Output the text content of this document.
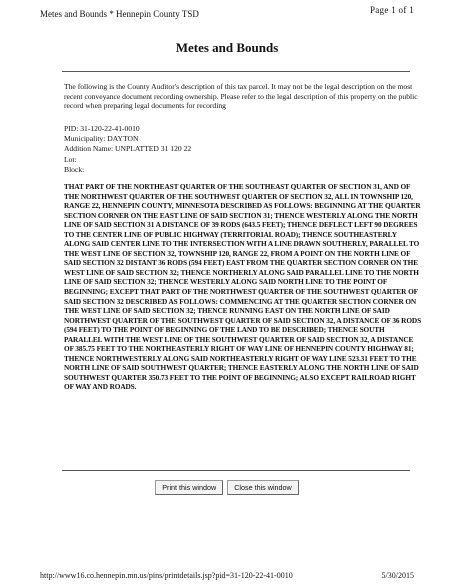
Metes and Bounds * Hennepin County TSD	Page 1 of 1
Metes and Bounds
The following is the County Auditor's description of this tax parcel. It may not be the legal description on the most recent conveyance document recording ownership. Please refer to the legal description of this property on the public record when preparing legal documents for recording
PID: 31-120-22-41-0010
Municipality: DAYTON
Addition Name: UNPLATTED 31 120 22
Lot:
Block:
THAT PART OF THE NORTHEAST QUARTER OF THE SOUTHEAST QUARTER OF SECTION 31, AND OF THE NORTHWEST QUARTER OF THE SOUTHWEST QUARTER OF SECTION 32, ALL IN TOWNSHIP 120, RANGE 22, HENNEPIN COUNTY, MINNESOTA DESCRIBED AS FOLLOWS: BEGINNING AT THE QUARTER SECTION CORNER ON THE EAST LINE OF SAID SECTION 31; THENCE WESTERLY ALONG THE NORTH LINE OF SAID SECTION 31 A DISTANCE OF 39 RODS (643.5 FEET); THENCE DEFLECT LEFT 90 DEGREES TO THE CENTER LINE OF PUBLIC HIGHWAY (TERRITORIAL ROAD); THENCE SOUTHEASTERLY ALONG SAID CENTER LINE TO THE INTERSECTION WITH A LINE DRAWN SOUTHERLY, PARALLEL TO THE WEST LINE OF SECTION 32, TOWNSHIP 120, RANGE 22, FROM A POINT ON THE NORTH LINE OF SAID SECTION 32 DISTANT 36 RODS (594 FEET) EAST FROM THE QUARTER SECTION CORNER ON THE WEST LINE OF SAID SECTION 32; THENCE NORTHERLY ALONG SAID PARALLEL LINE TO THE NORTH LINE OF SAID SECTION 32; THENCE WESTERLY ALONG SAID NORTH LINE TO THE POINT OF BEGINNING; EXCEPT THAT PART OF THE NORTHWEST QUARTER OF THE SOUTHWEST QUARTER OF SAID SECTION 32 DESCRIBED AS FOLLOWS: COMMENCING AT THE QUARTER SECTION CORNER ON THE WEST LINE OF SAID SECTION 32; THENCE RUNNING EAST ON THE NORTH LINE OF SAID NORTHWEST QUARTER OF THE SOUTHWEST QUARTER OF SAID SECTION 32, A DISTANCE OF 36 RODS (594 FEET) TO THE POINT OF BEGINNING OF THE LAND TO BE DESCRIBED; THENCE SOUTH PARALLEL WITH THE WEST LINE OF THE SOUTHWEST QUARTER OF SAID SECTION 32, A DISTANCE OF 385.75 FEET TO THE NORTHEASTERLY RIGHT OF WAY LINE OF HENNEPIN COUNTY HIGHWAY 81; THENCE NORTHWESTERLY ALONG SAID NORTHEASTERLY RIGHT OF WAY LINE 523.31 FEET TO THE NORTH LINE OF SAID SOUTHWEST QUARTER; THENCE EASTERLY ALONG THE NORTH LINE OF SAID SOUTHWEST QUARTER 350.73 FEET TO THE POINT OF BEGINNING; ALSO EXCEPT RAILROAD RIGHT OF WAY AND ROADS.
Print this window	Close this window
http://www16.co.hennepin.mn.us/pins/printdetails.jsp?pid=31-120-22-41-0010	5/30/2015
